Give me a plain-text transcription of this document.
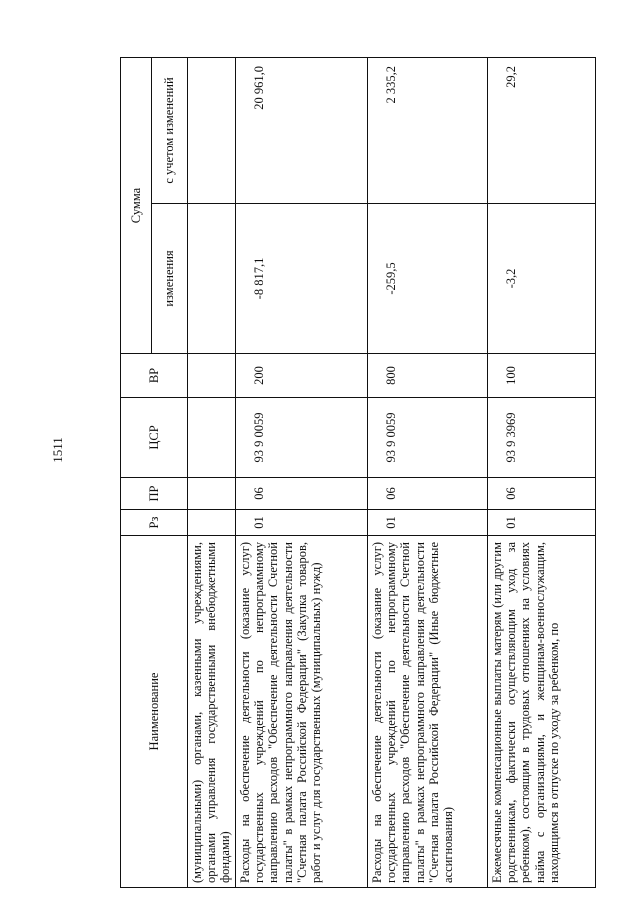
1511
Наименование	Рз	ПР	ЦСР	ВР	Сумма	
					изменения	с учетом изменений
(муниципальными) органами, казенными учреждениями, органами управления государственными внебюджетными фондами)						
Расходы на обеспечение деятельности (оказание услуг) государственных учреждений по непрограммному направлению расходов "Обеспечение деятельности Счетной палаты" в рамках непрограммного направления деятельности "Счетная палата Российской Федерации" (Закупка товаров, работ и услуг для государственных (муниципальных) нужд)	01	06	93 9 0059	200	-8 817,1	20 961,0
Расходы на обеспечение деятельности (оказание услуг) государственных учреждений по непрограммному направлению расходов "Обеспечение деятельности Счетной палаты" в рамках непрограммного направления деятельности "Счетная палата Российской Федерации" (Иные бюджетные ассигнования)	01	06	93 9 0059	800	-259,5	2 335,2
Ежемесячные компенсационные выплаты матерям (или другим родственникам, фактически осуществляющим уход за ребенком), состоящим в трудовых отношениях на условиях найма с организациями, и женщинам-военнослужащим, находящимся в отпуске по уходу за ребенком, по	01	06	93 9 3969	100	-3,2	29,2
